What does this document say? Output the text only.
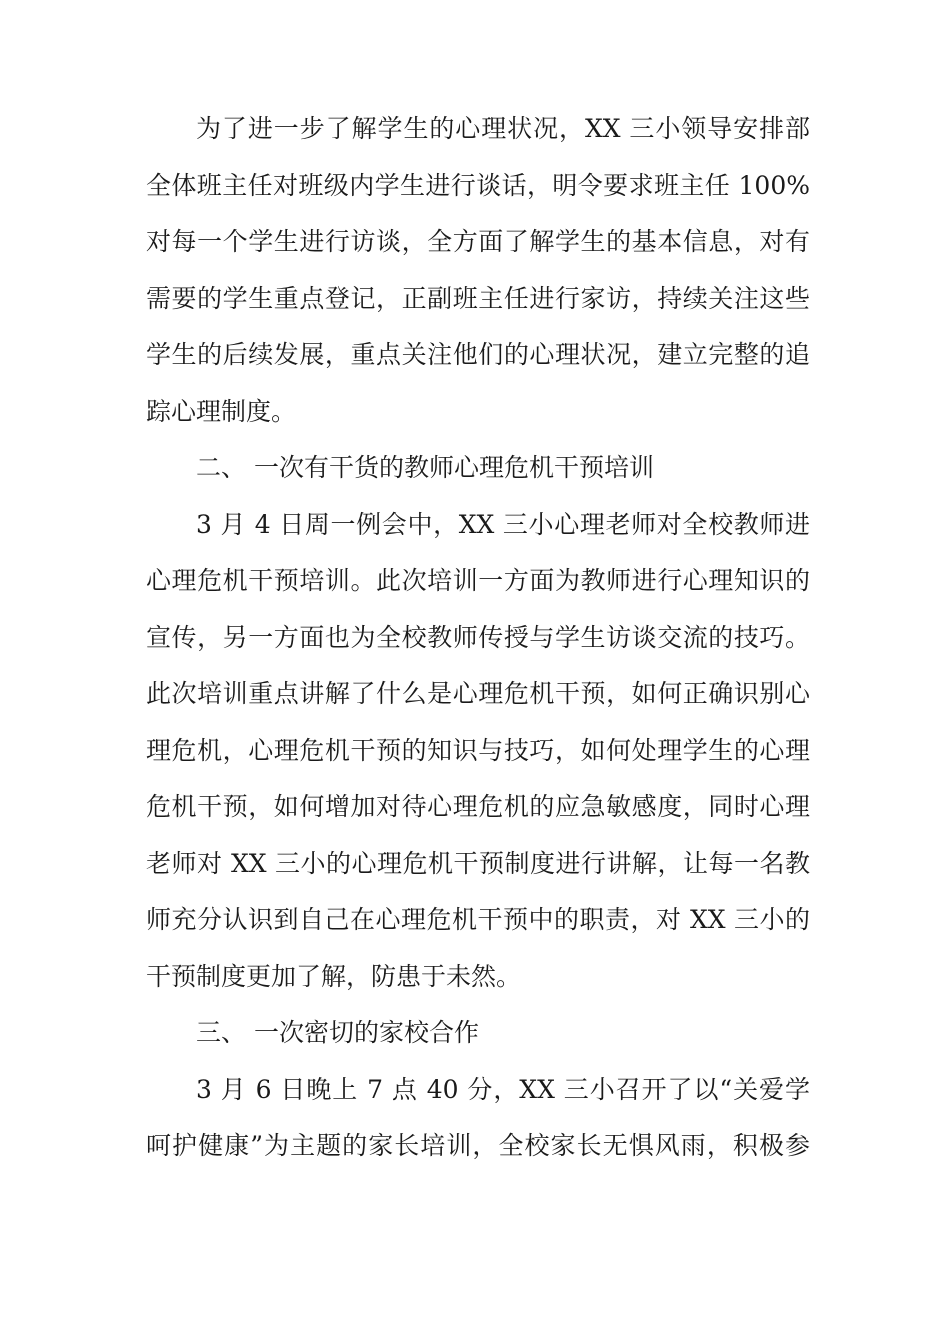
为了进一步了解学生的心理状况，XX 三小领导安排部
全体班主任对班级内学生进行谈话，明令要求班主任 100%
对每一个学生进行访谈，全方面了解学生的基本信息，对有
需要的学生重点登记，正副班主任进行家访，持续关注这些
学生的后续发展，重点关注他们的心理状况，建立完整的追
踪心理制度。
二、 一次有干货的教师心理危机干预培训
3 月 4 日周一例会中，XX 三小心理老师对全校教师进
心理危机干预培训。此次培训一方面为教师进行心理知识的
宣传，另一方面也为全校教师传授与学生访谈交流的技巧。
此次培训重点讲解了什么是心理危机干预，如何正确识别心
理危机，心理危机干预的知识与技巧，如何处理学生的心理
危机干预，如何增加对待心理危机的应急敏感度，同时心理
老师对 XX 三小的心理危机干预制度进行讲解，让每一名教
师充分认识到自己在心理危机干预中的职责，对 XX 三小的
干预制度更加了解，防患于未然。
三、 一次密切的家校合作
3 月 6 日晚上 7 点 40 分，XX 三小召开了以“关爱学
呵护健康”为主题的家长培训，全校家长无惧风雨，积极参
